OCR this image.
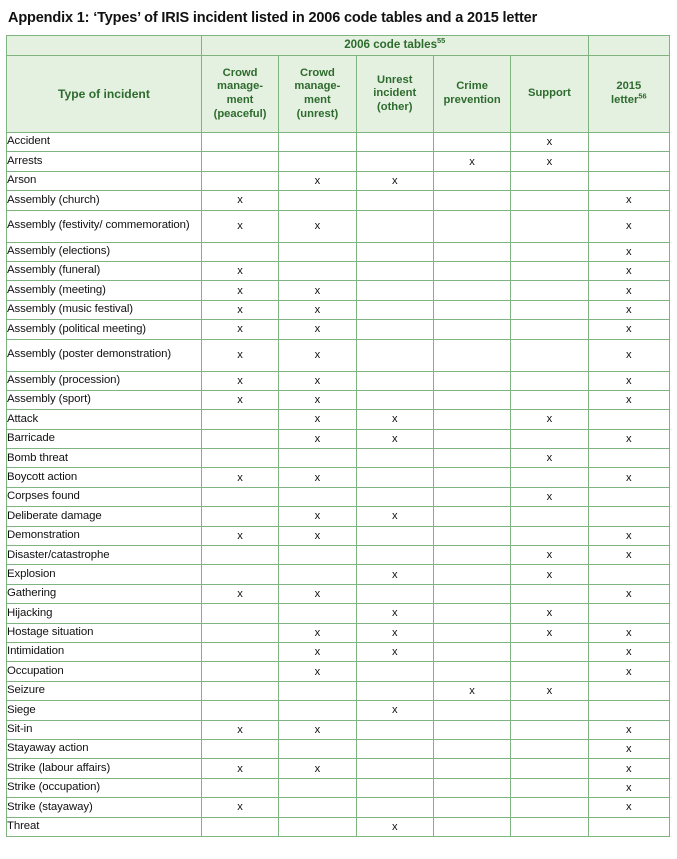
Appendix 1: ‘Types’ of IRIS incident listed in 2006 code tables and a 2015 letter
	2006 code tables$^{55}$	
Type of incident	Crowd
manage-
ment
(peaceful)	Crowd
manage-
ment
(unrest)	Unrest
incident
(other)	Crime
prevention	Support	2015
letter$^{56}$
Accident					x	
Arrests				x	x	
Arson		x	x			
Assembly (church)	x					x
Assembly (festivity/ commemoration)	x	x				x
Assembly (elections)						x
Assembly (funeral)	x					x
Assembly (meeting)	x	x				x
Assembly (music festival)	x	x				x
Assembly (political meeting)	x	x				x
Assembly (poster demonstration)	x	x				x
Assembly (procession)	x	x				x
Assembly (sport)	x	x				x
Attack		x	x		x	
Barricade		x	x			x
Bomb threat					x	
Boycott action	x	x				x
Corpses found					x	
Deliberate damage		x	x			
Demonstration	x	x				x
Disaster/catastrophe					x	x
Explosion			x		x	
Gathering	x	x				x
Hijacking			x		x	
Hostage situation		x	x		x	x
Intimidation		x	x			x
Occupation		x				x
Seizure				x	x	
Siege			x			
Sit-in	x	x				x
Stayaway action						x
Strike (labour affairs)	x	x				x
Strike (occupation)						x
Strike (stayaway)	x					x
Threat			x			
